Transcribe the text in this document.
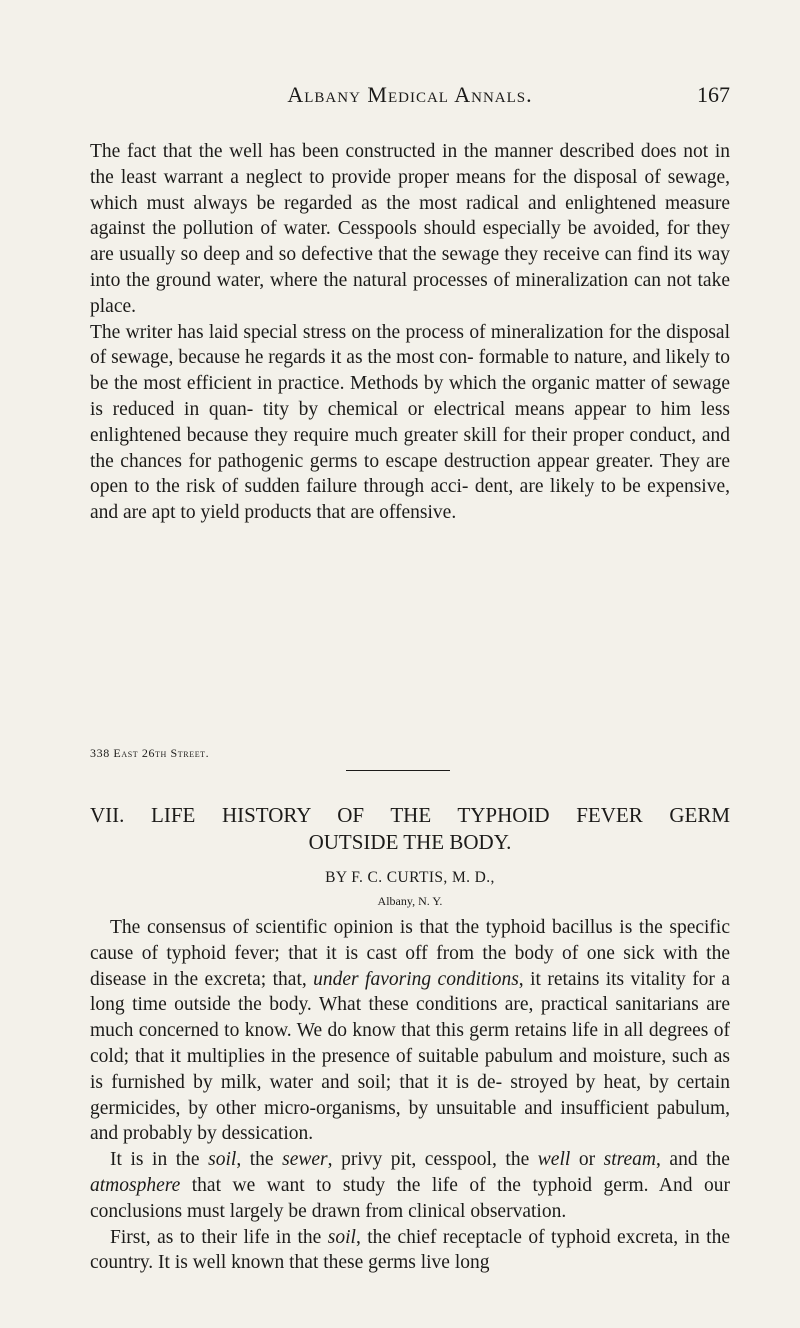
Albany Medical Annals.	167

The fact that the well has been constructed in the manner described does not in the least warrant a neglect to provide proper means for the disposal of sewage, which must always be regarded as the most radical and enlightened measure against the pollution of water. Cesspools should especially be avoided, for they are usually so deep and so defective that the sewage they receive can find its way into the ground water, where the natural processes of mineralization can not take place.

The writer has laid special stress on the process of mineralization for the disposal of sewage, because he regards it as the most con- formable to nature, and likely to be the most efficient in practice. Methods by which the organic matter of sewage is reduced in quan- tity by chemical or electrical means appear to him less enlightened because they require much greater skill for their proper conduct, and the chances for pathogenic germs to escape destruction appear greater. They are open to the risk of sudden failure through acci- dent, are likely to be expensive, and are apt to yield products that are offensive.

338 East 26th Street.
VII. LIFE HISTORY OF THE TYPHOID FEVER GERM
OUTSIDE THE BODY.
BY F. C. CURTIS, M. D.,
Albany, N. Y.

The consensus of scientific opinion is that the typhoid bacillus is the specific cause of typhoid fever; that it is cast off from the body of one sick with the disease in the excreta; that, under favoring conditions, it retains its vitality for a long time outside the body. What these conditions are, practical sanitarians are much concerned to know. We do know that this germ retains life in all degrees of cold; that it multiplies in the presence of suitable pabulum and moisture, such as is furnished by milk, water and soil; that it is de- stroyed by heat, by certain germicides, by other micro-organisms, by unsuitable and insufficient pabulum, and probably by dessication.

It is in the soil, the sewer, privy pit, cesspool, the well or stream, and the atmosphere that we want to study the life of the typhoid germ. And our conclusions must largely be drawn from clinical observation.

First, as to their life in the soil, the chief receptacle of typhoid excreta, in the country. It is well known that these germs live long
